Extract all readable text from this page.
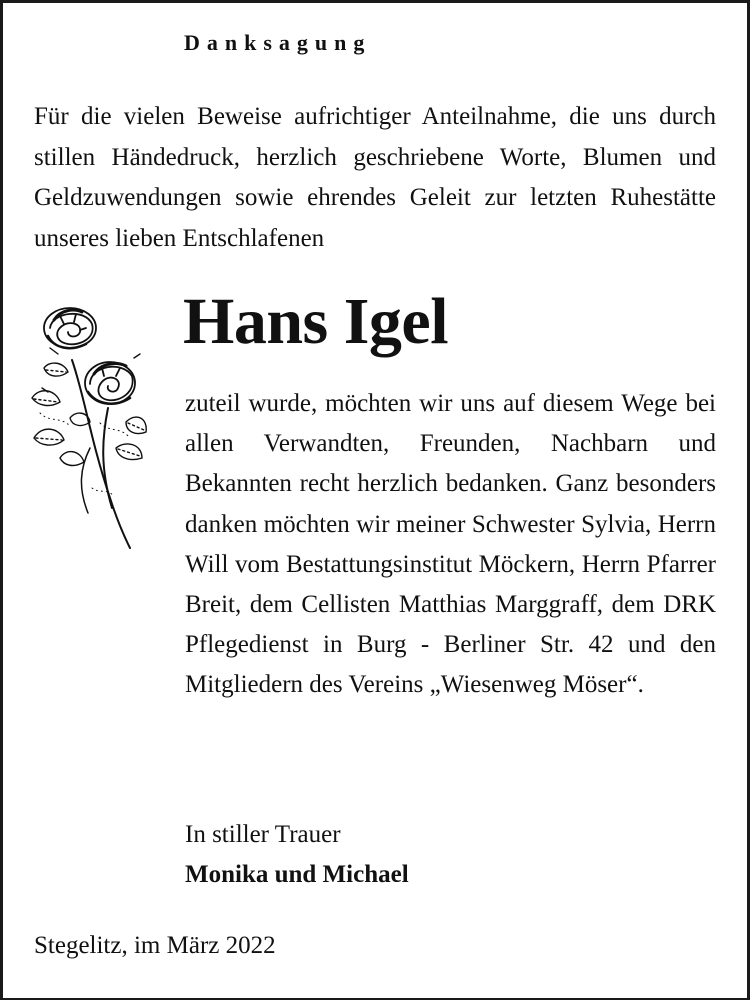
Danksagung
Für die vielen Beweise aufrichtiger Anteilnahme, die uns durch stillen Händedruck, herzlich geschriebene Worte, Blumen und Geldzuwendungen sowie ehrendes Geleit zur letzten Ruhestätte unseres lieben Entschlafenen
Hans Igel
zuteil wurde, möchten wir uns auf diesem Wege bei allen Verwandten, Freunden, Nachbarn und Bekannten recht herzlich bedanken. Ganz besonders danken möchten wir meiner Schwester Sylvia, Herrn Will vom Bestattungsinstitut Möckern, Herrn Pfarrer Breit, dem Cellisten Matthias Marggraff, dem DRK Pflegedienst in Burg - Berliner Str. 42 und den Mitgliedern des Vereins „Wiesenweg Möser“.
In stiller Trauer
Monika und Michael
Stegelitz, im März 2022
